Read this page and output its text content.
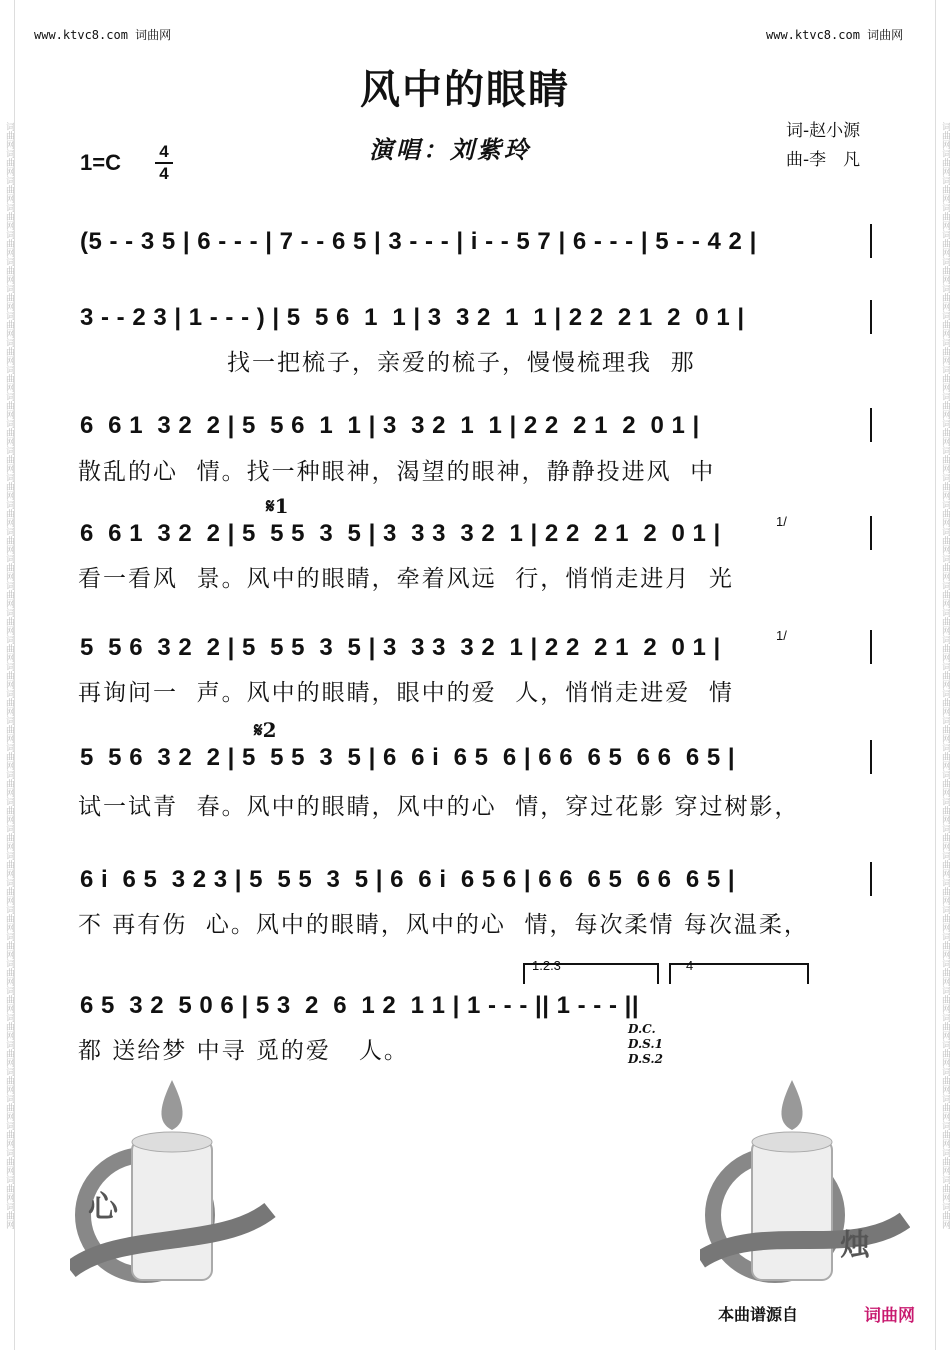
词曲网词曲网词曲网词曲网词曲网词曲网词曲网词曲网词曲网词曲网词曲网词曲网词曲网词曲网词曲网词曲网词曲网词曲网词曲网词曲网词曲网词曲网词曲网词曲网词曲网词曲网词曲网词曲网词曲网词曲网词曲网词曲网词曲网词曲网词曲网词曲网词曲网词曲网词曲网词曲网词曲网	词曲网词曲网词曲网词曲网词曲网词曲网词曲网词曲网词曲网词曲网词曲网词曲网词曲网词曲网词曲网词曲网词曲网词曲网词曲网词曲网词曲网词曲网词曲网词曲网词曲网词曲网词曲网词曲网词曲网词曲网词曲网词曲网词曲网词曲网词曲网词曲网词曲网词曲网词曲网词曲网词曲网
www.ktvc8.com 词曲网	www.ktvc8.com 词曲网
风中的眼睛
演唱：刘紫玲
词-赵小源
曲-李　凡
1=C 4
4
(5 - - 3 5 | 6 - - - | 7 - - 6 5 | 3 - - - | i - - 5 7 | 6 - - - | 5 - - 4 2 |
3 - - 2 3 | 1 - - - ) | 5  5 6  1  1 | 3  3 2  1  1 | 2 2  2 1  2  0 1 |
找一把梳子，亲爱的梳子，慢慢梳理我  那
6  6 1  3 2  2 | 5  5 6  1  1 | 3  3 2  1  1 | 2 2  2 1  2  0 1 |
散乱的心  情。找一种眼神，渴望的眼神，静静投进风  中
6  6 1  3 2  2 | 5  5 5  3  5 | 3  3 3  3 2  1 | 2 2  2 1  2  0 1 |
看一看风  景。风中的眼睛，牵着风远  行，悄悄走进月  光
5  5 6  3 2  2 | 5  5 5  3  5 | 3  3 3  3 2  1 | 2 2  2 1  2  0 1 |
再询问一  声。风中的眼睛，眼中的爱  人，悄悄走进爱  情
5  5 6  3 2  2 | 5  5 5  3  5 | 6  6 i  6 5  6 | 6 6  6 5  6 6  6 5 |
试一试青  春。风中的眼睛，风中的心  情，穿过花影 穿过树影，
6 i  6 5  3 2 3 | 5  5 5  3  5 | 6  6 i  6 5 6 | 6 6  6 5  6 6  6 5 |
不 再有伤  心。风中的眼睛，风中的心  情，每次柔情 每次温柔，
6 5  3 2  5 0 6 | 5 3  2  6  1 2  1 1 | 1 - - - || 1 - - - ||
都 送给梦 中寻 觅的爱   人。
𝄋1
𝄋2
1/
1/
1.2.3	4
D.C.
D.S.1
D.S.2
心
烛
本曲谱源自	词曲网
